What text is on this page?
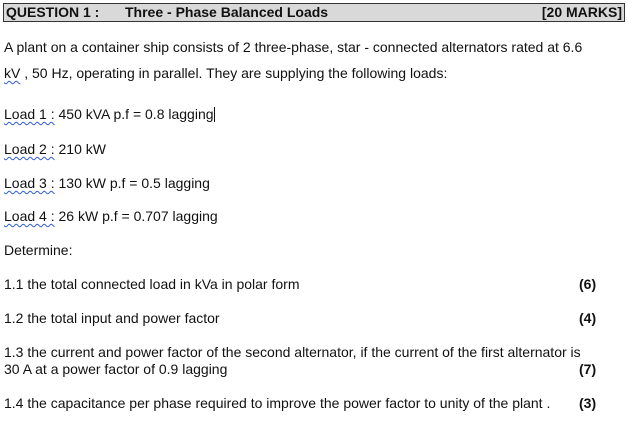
QUESTION 1 : Three - Phase Balanced Loads	[20 MARKS]
A plant on a container ship consists of 2 three-phase, star - connected alternators rated at 6.6
kV , 50 Hz, operating in parallel. They are supplying the following loads:
Load 1 : 450 kVA p.f = 0.8 lagging
Load 2 : 210 kW
Load 3 : 130 kW p.f = 0.5 lagging
Load 4 : 26 kW p.f = 0.707 lagging
Determine:
1.1 the total connected load in kVa in polar form	(6)
1.2 the total input and power factor	(4)
1.3 the current and power factor of the second alternator, if the current of the first alternator is
30 A at a power factor of 0.9 lagging	(7)
1.4 the capacitance per phase required to improve the power factor to unity of the plant . (3)
